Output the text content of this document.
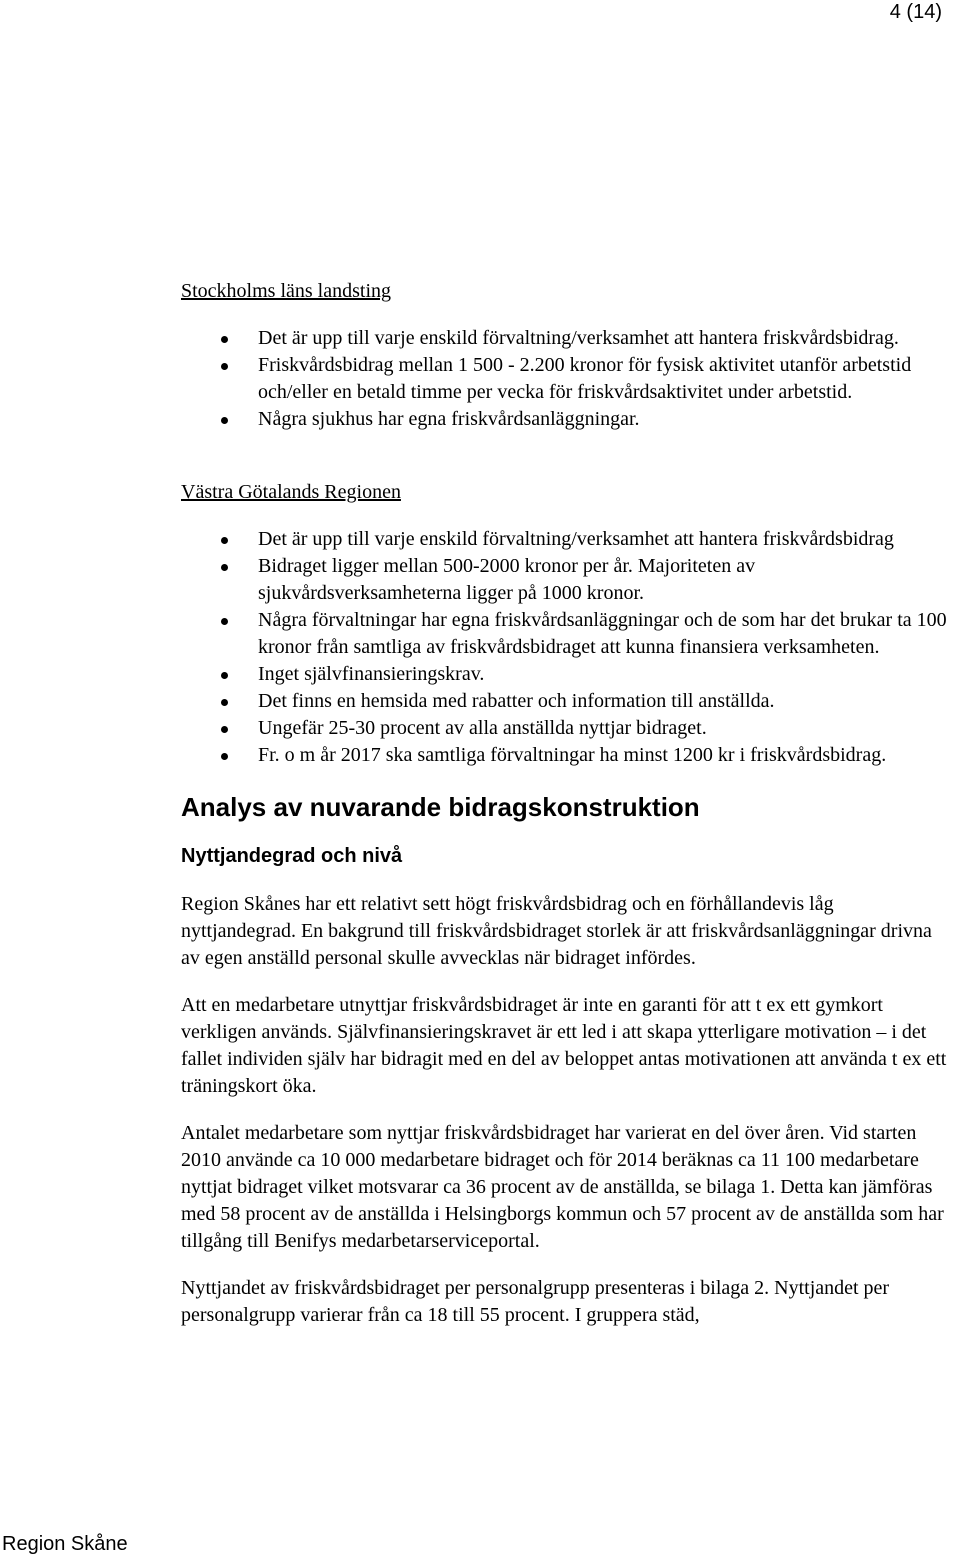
4 (14)
Stockholms läns landsting
Det är upp till varje enskild förvaltning/verksamhet att hantera friskvårdsbidrag.
Friskvårdsbidrag mellan 1 500 - 2.200 kronor för fysisk aktivitet utanför arbetstid och/eller en betald timme per vecka för friskvårdsaktivitet under arbetstid.
Några sjukhus har egna friskvårdsanläggningar.
Västra Götalands Regionen
Det är upp till varje enskild förvaltning/verksamhet att hantera friskvårdsbidrag
Bidraget ligger mellan 500-2000 kronor per år. Majoriteten av sjukvårdsverksamheterna ligger på 1000 kronor.
Några förvaltningar har egna friskvårdsanläggningar och de som har det brukar ta 100 kronor från samtliga av friskvårdsbidraget att kunna finansiera verksamheten.
Inget självfinansieringskrav.
Det finns en hemsida med rabatter och information till anställda.
Ungefär 25-30 procent av alla anställda nyttjar bidraget.
Fr. o m år 2017 ska samtliga förvaltningar ha minst 1200 kr i friskvårdsbidrag.
Analys av nuvarande bidragskonstruktion
Nyttjandegrad och nivå

Region Skånes har ett relativt sett högt friskvårdsbidrag och en förhållandevis låg nyttjandegrad. En bakgrund till friskvårdsbidraget storlek är att friskvårdsanläggningar drivna av egen anställd personal skulle avvecklas när bidraget infördes.

Att en medarbetare utnyttjar friskvårdsbidraget är inte en garanti för att t ex ett gymkort verkligen används. Självfinansieringskravet är ett led i att skapa ytterligare motivation – i det fallet individen själv har bidragit med en del av beloppet antas motivationen att använda t ex ett träningskort öka.

Antalet medarbetare som nyttjar friskvårdsbidraget har varierat en del över åren. Vid starten 2010 använde ca 10 000 medarbetare bidraget och för 2014 beräknas ca 11 100 medarbetare nyttjat bidraget vilket motsvarar ca 36 procent av de anställda, se bilaga 1. Detta kan jämföras med 58 procent av de anställda i Helsingborgs kommun och 57 procent av de anställda som har tillgång till Benifys medarbetarserviceportal.

Nyttjandet av friskvårdsbidraget per personalgrupp presenteras i bilaga 2. Nyttjandet per personalgrupp varierar från ca 18 till 55 procent. I gruppera städ,

Region Skåne
